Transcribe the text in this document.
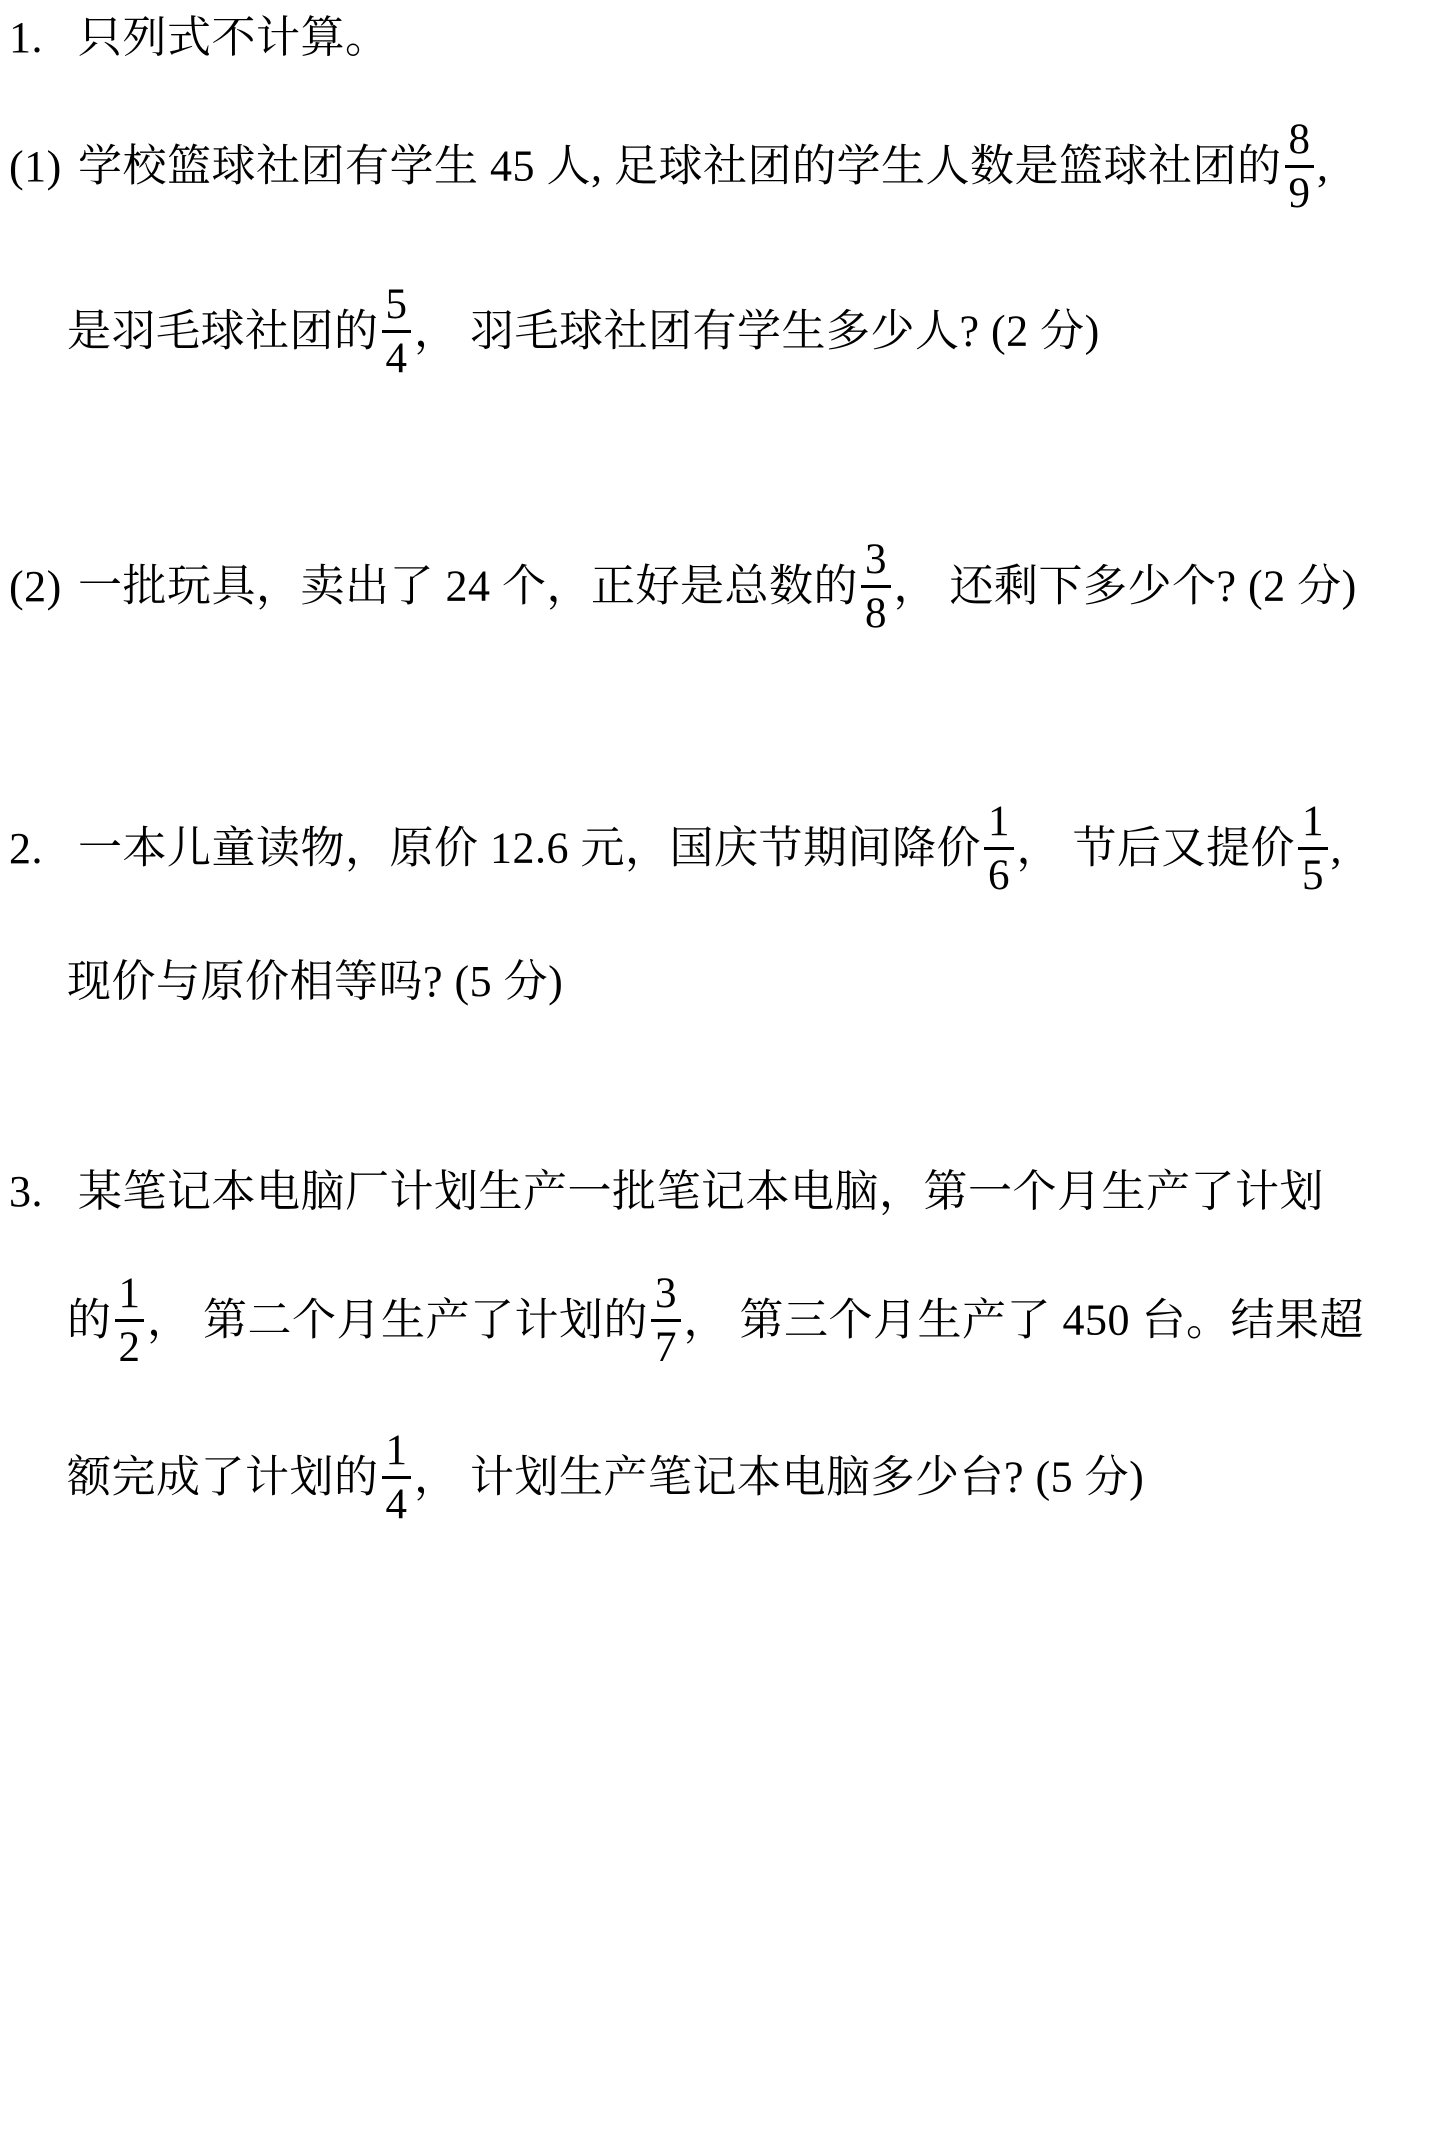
1. 只列式不计算。
(1) 学校篮球社团有学生 45 人, 足球社团的学生人数是篮球社团的 $\frac{8}{9}$ ,
是羽毛球社团的 $\frac{5}{4}$ ， 羽毛球社团有学生多少人? (2 分)
(2) 一批玩具，卖出了 24 个，正好是总数的 $\frac{3}{8}$ ， 还剩下多少个? (2 分)
2. 一本儿童读物，原价 12.6 元，国庆节期间降价 $\frac{1}{6}$ ， 节后又提价 $\frac{1}{5}$ ,
现价与原价相等吗? (5 分)
3. 某笔记本电脑厂计划生产一批笔记本电脑，第一个月生产了计划
的 $\frac{1}{2}$ ， 第二个月生产了计划的 $\frac{3}{7}$ ， 第三个月生产了 450 台。结果超
额完成了计划的 $\frac{1}{4}$ ， 计划生产笔记本电脑多少台? (5 分)
